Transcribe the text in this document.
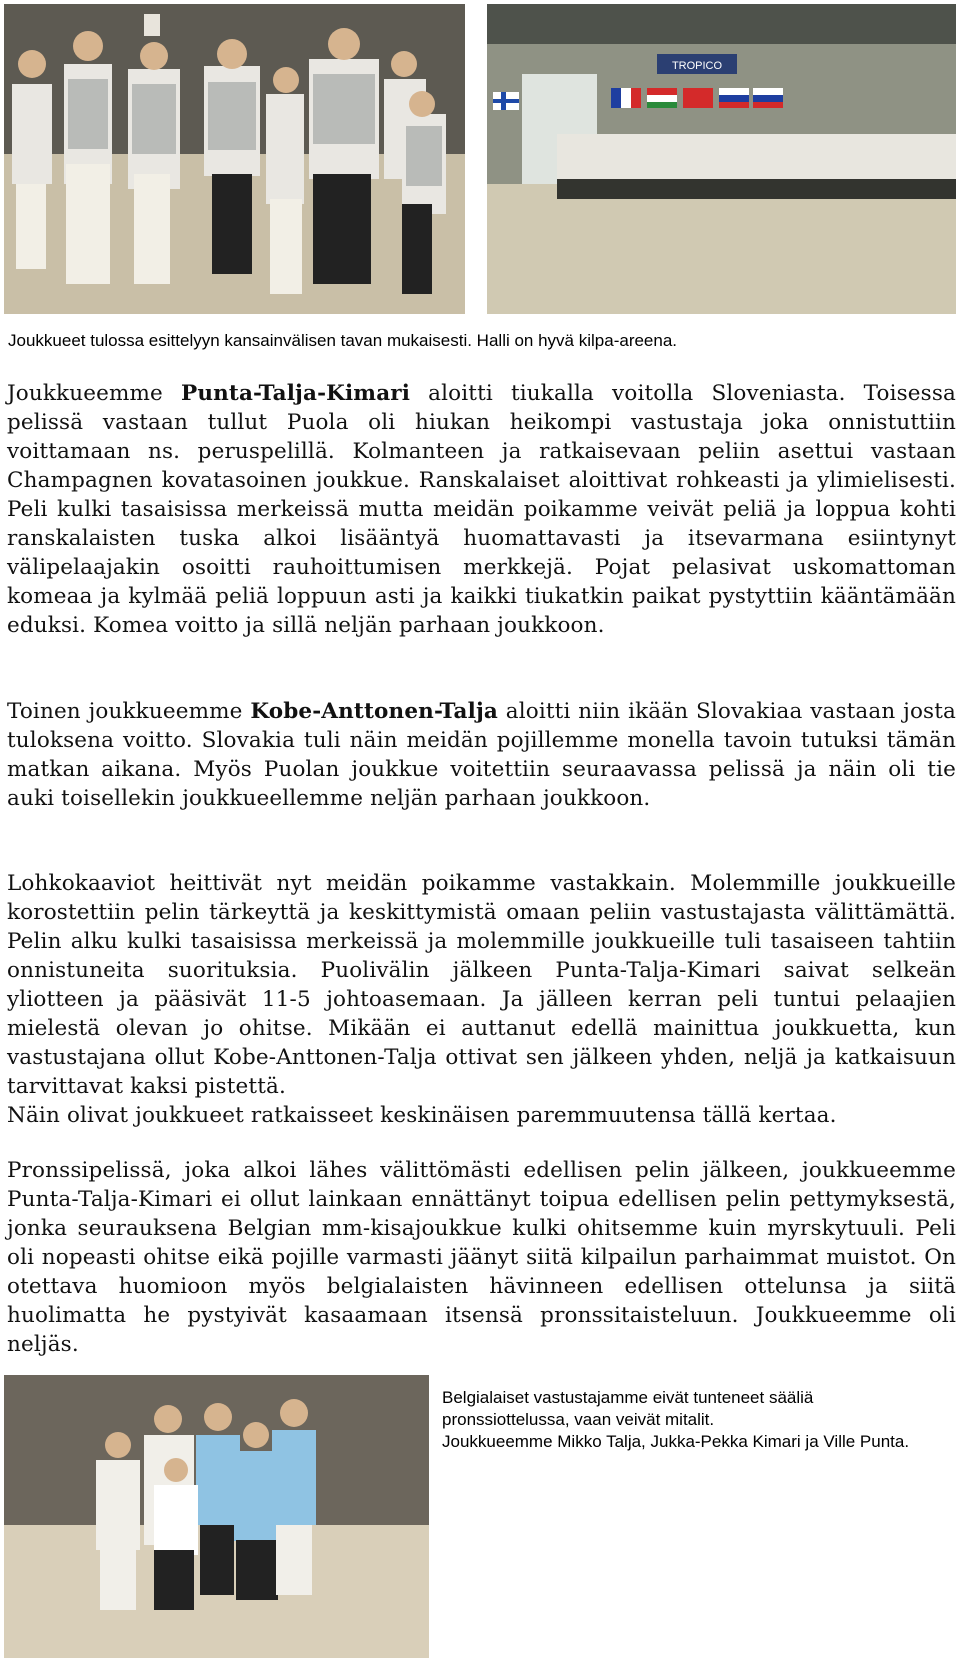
TROPICO
Joukkueet tulossa esittelyyn kansainvälisen tavan mukaisesti. Halli on hyvä kilpa-areena.

Joukkueemme Punta-Talja-Kimari aloitti tiukalla voitolla Sloveniasta. Toisessa pelissä vastaan tullut Puola oli hiukan heikompi vastustaja joka onnistuttiin voittamaan ns. peruspelillä. Kolmanteen ja ratkaisevaan peliin asettui vastaan Champagnen kovatasoinen joukkue. Ranskalaiset aloittivat rohkeasti ja ylimielisesti. Peli kulki tasaisissa merkeissä mutta meidän poikamme veivät peliä ja loppua kohti ranskalaisten tuska alkoi lisääntyä huomattavasti ja itsevarmana esiintynyt välipelaajakin osoitti rauhoittumisen merkkejä. Pojat pelasivat uskomattoman komeaa ja kylmää peliä loppuun asti ja kaikki tiukatkin paikat pystyttiin kääntämään eduksi. Komea voitto ja sillä neljän parhaan joukkoon.

Toinen joukkueemme Kobe-Anttonen-Talja aloitti niin ikään Slovakiaa vastaan josta tuloksena voitto. Slovakia tuli näin meidän pojillemme monella tavoin tutuksi tämän matkan aikana. Myös Puolan joukkue voitettiin seuraavassa pelissä ja näin oli tie auki toisellekin joukkueellemme neljän parhaan joukkoon.

Lohkokaaviot heittivät nyt meidän poikamme vastakkain. Molemmille joukkueille korostettiin pelin tärkeyttä ja keskittymistä omaan peliin vastustajasta välittämättä. Pelin alku kulki tasaisissa merkeissä ja molemmille joukkueille tuli tasaiseen tahtiin onnistuneita suorituksia. Puolivälin jälkeen Punta-Talja-Kimari saivat selkeän yliotteen ja pääsivät 11-5 johtoasemaan. Ja jälleen kerran peli tuntui pelaajien mielestä olevan jo ohitse. Mikään ei auttanut edellä mainittua joukkuetta, kun vastustajana ollut Kobe-Anttonen-Talja ottivat sen jälkeen yhden, neljä ja katkaisuun tarvittavat kaksi pistettä.
Näin olivat joukkueet ratkaisseet keskinäisen paremmuutensa tällä kertaa.

Pronssipelissä, joka alkoi lähes välittömästi edellisen pelin jälkeen, joukkueemme Punta-Talja-Kimari ei ollut lainkaan ennättänyt toipua edellisen pelin pettymyksestä, jonka seurauksena Belgian mm-kisajoukkue kulki ohitsemme kuin myrskytuuli. Peli oli nopeasti ohitse eikä pojille varmasti jäänyt siitä kilpailun parhaimmat muistot. On otettava huomioon myös belgialaisten hävinneen edellisen ottelunsa ja siitä huolimatta he pystyivät kasaamaan itsensä pronssitaisteluun. Joukkueemme oli neljäs.

Belgialaiset vastustajamme eivät tunteneet sääliä pronssiottelussa, vaan veivät mitalit.
Joukkueemme Mikko Talja, Jukka-Pekka Kimari ja Ville Punta.
